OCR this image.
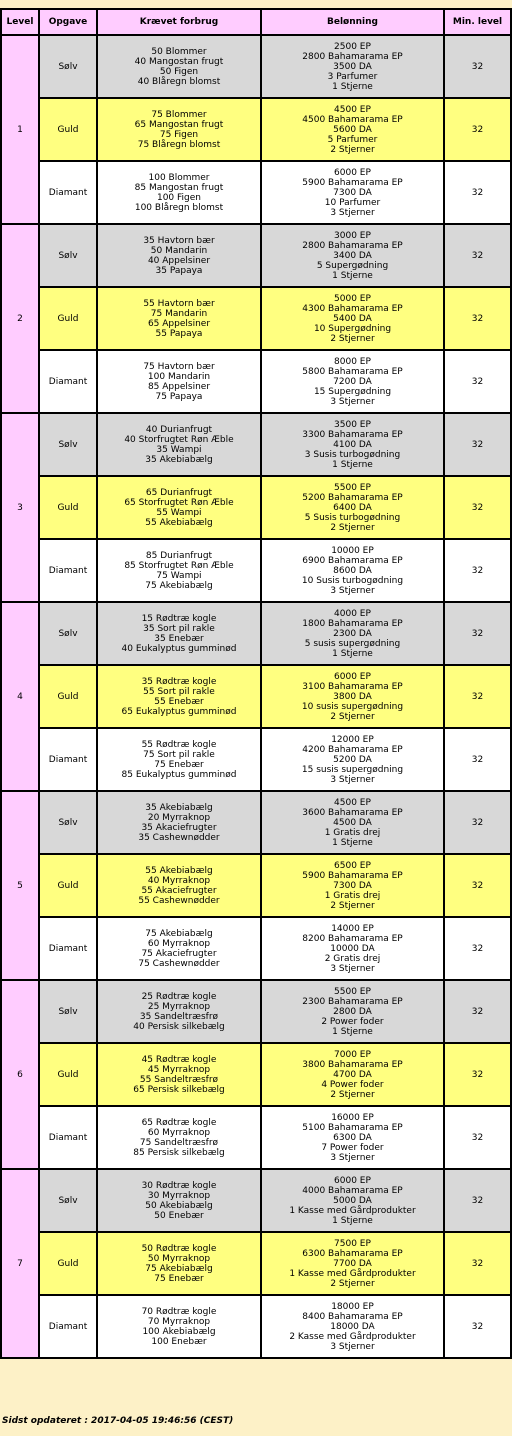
Level	Opgave	Krævet forbrug	Belønning	Min. level
1	Sølv	50 Blommer
40 Mangostan frugt
50 Figen
40 Blåregn blomst	2500 EP
2800 Bahamarama EP
3500 DA
3 Parfumer
1 Stjerne	32
	Guld	75 Blommer
65 Mangostan frugt
75 Figen
75 Blåregn blomst	4500 EP
4500 Bahamarama EP
5600 DA
5 Parfumer
2 Stjerner	32
	Diamant	100 Blommer
85 Mangostan frugt
100 Figen
100 Blåregn blomst	6000 EP
5900 Bahamarama EP
7300 DA
10 Parfumer
3 Stjerner	32
2	Sølv	35 Havtorn bær
50 Mandarin
40 Appelsiner
35 Papaya	3000 EP
2800 Bahamarama EP
3400 DA
5 Supergødning
1 Stjerne	32
	Guld	55 Havtorn bær
75 Mandarin
65 Appelsiner
55 Papaya	5000 EP
4300 Bahamarama EP
5400 DA
10 Supergødning
2 Stjerner	32
	Diamant	75 Havtorn bær
100 Mandarin
85 Appelsiner
75 Papaya	8000 EP
5800 Bahamarama EP
7200 DA
15 Supergødning
3 Stjerner	32
3	Sølv	40 Durianfrugt
40 Storfrugtet Røn Æble
35 Wampi
35 Akebiabælg	3500 EP
3300 Bahamarama EP
4100 DA
3 Susis turbogødning
1 Stjerne	32
	Guld	65 Durianfrugt
65 Storfrugtet Røn Æble
55 Wampi
55 Akebiabælg	5500 EP
5200 Bahamarama EP
6400 DA
5 Susis turbogødning
2 Stjerner	32
	Diamant	85 Durianfrugt
85 Storfrugtet Røn Æble
75 Wampi
75 Akebiabælg	10000 EP
6900 Bahamarama EP
8600 DA
10 Susis turbogødning
3 Stjerner	32
4	Sølv	15 Rødtræ kogle
35 Sort pil rakle
35 Enebær
40 Eukalyptus gumminød	4000 EP
1800 Bahamarama EP
2300 DA
5 susis supergødning
1 Stjerne	32
	Guld	35 Rødtræ kogle
55 Sort pil rakle
55 Enebær
65 Eukalyptus gumminød	6000 EP
3100 Bahamarama EP
3800 DA
10 susis supergødning
2 Stjerner	32
	Diamant	55 Rødtræ kogle
75 Sort pil rakle
75 Enebær
85 Eukalyptus gumminød	12000 EP
4200 Bahamarama EP
5200 DA
15 susis supergødning
3 Stjerner	32
5	Sølv	35 Akebiabælg
20 Myrraknop
35 Akaciefrugter
35 Cashewnødder	4500 EP
3600 Bahamarama EP
4500 DA
1 Gratis drej
1 Stjerne	32
	Guld	55 Akebiabælg
40 Myrraknop
55 Akaciefrugter
55 Cashewnødder	6500 EP
5900 Bahamarama EP
7300 DA
1 Gratis drej
2 Stjerner	32
	Diamant	75 Akebiabælg
60 Myrraknop
75 Akaciefrugter
75 Cashewnødder	14000 EP
8200 Bahamarama EP
10000 DA
2 Gratis drej
3 Stjerner	32
6	Sølv	25 Rødtræ kogle
25 Myrraknop
35 Sandeltræsfrø
40 Persisk silkebælg	5500 EP
2300 Bahamarama EP
2800 DA
2 Power foder
1 Stjerne	32
	Guld	45 Rødtræ kogle
45 Myrraknop
55 Sandeltræsfrø
65 Persisk silkebælg	7000 EP
3800 Bahamarama EP
4700 DA
4 Power foder
2 Stjerner	32
	Diamant	65 Rødtræ kogle
60 Myrraknop
75 Sandeltræsfrø
85 Persisk silkebælg	16000 EP
5100 Bahamarama EP
6300 DA
7 Power foder
3 Stjerner	32
7	Sølv	30 Rødtræ kogle
30 Myrraknop
50 Akebiabælg
50 Enebær	6000 EP
4000 Bahamarama EP
5000 DA
1 Kasse med Gårdprodukter
1 Stjerne	32
	Guld	50 Rødtræ kogle
50 Myrraknop
75 Akebiabælg
75 Enebær	7500 EP
6300 Bahamarama EP
7700 DA
1 Kasse med Gårdprodukter
2 Stjerner	32
	Diamant	70 Rødtræ kogle
70 Myrraknop
100 Akebiabælg
100 Enebær	18000 EP
8400 Bahamarama EP
18000 DA
2 Kasse med Gårdprodukter
3 Stjerner	32
Sidst opdateret : 2017-04-05 19:46:56 (CEST)
